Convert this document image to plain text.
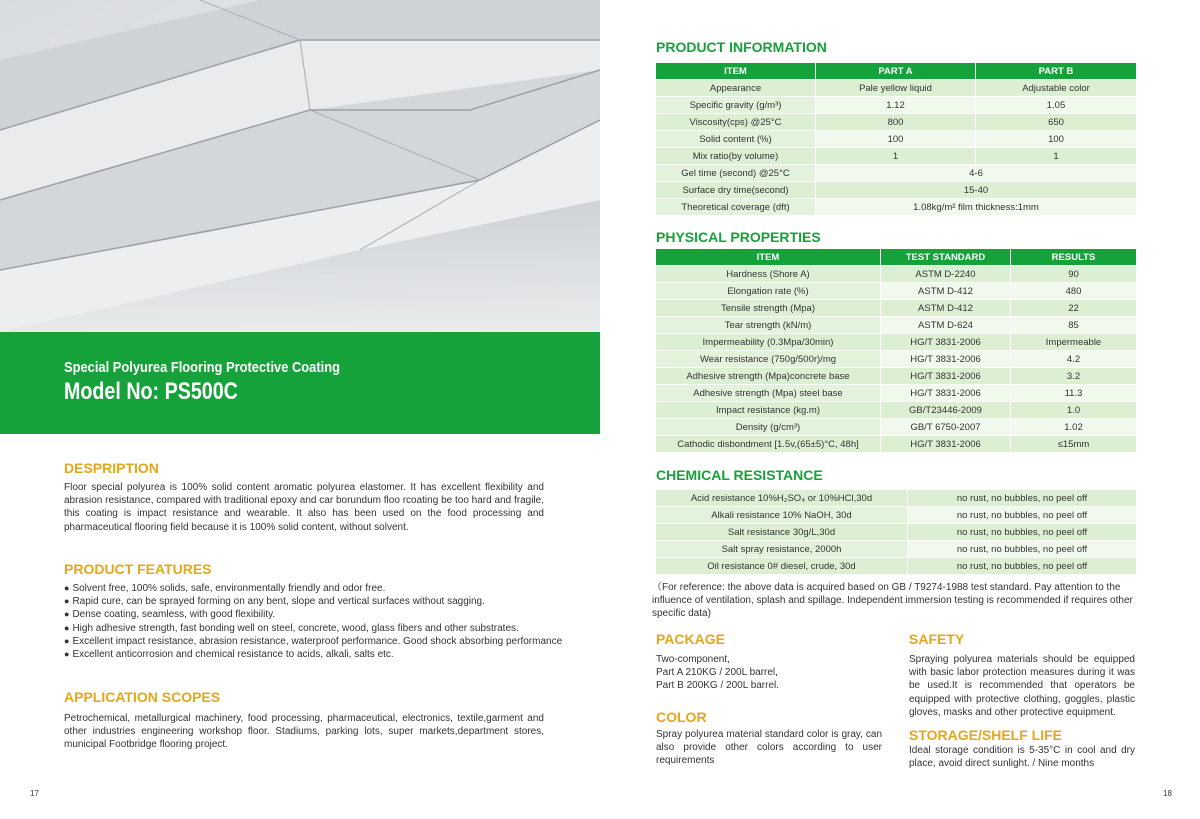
Special Polyurea Flooring Protective Coating
Model No: PS500C
DESPRIPTION
Floor special polyurea is 100% solid content aromatic polyurea elastomer. It has excellent flexibility and abrasion resistance, compared with traditional epoxy and car borundum floo rcoating be too hard and fragile, this coating is impact resistance and wearable. It also has been used on the food processing and pharmaceutical flooring field because it is 100% solid content, without solvent.
PRODUCT FEATURES
● Solvent free, 100% solids, safe, environmentally friendly and odor free.
● Rapid cure, can be sprayed forming on any bent, slope and vertical surfaces without sagging.
● Dense coating, seamless, with good flexibility.
● High adhesive strength, fast bonding well on steel, concrete, wood, glass fibers and other substrates.
● Excellent impact resistance, abrasion resistance, waterproof performance. Good shock absorbing performance
● Excellent anticorrosion and chemical resistance to acids, alkali, salts etc.
APPLICATION SCOPES
Petrochemical, metallurgical machinery, food processing, pharmaceutical, electronics, textile,garment and other industries engineering workshop floor. Stadiums, parking lots, super markets,department stores, municipal Footbridge flooring project.
17
PRODUCT INFORMATION
ITEM	PART A	PART B
Appearance	Pale yellow liquid	Adjustable color
Specific gravity (g/m³)	1.12	1.05
Viscosity(cps) @25°C	800	650
Solid content (%)	100	100
Mix ratio(by volume)	1	1
Gel time (second) @25°C	4-6	
Surface dry time(second)	15-40	
Theoretical coverage (dft)	1.08kg/m² film thickness:1mm	
PHYSICAL PROPERTIES
ITEM	TEST STANDARD	RESULTS
Hardness (Shore A)	ASTM D-2240	90
Elongation rate (%)	ASTM D-412	480
Tensile strength (Mpa)	ASTM D-412	22
Tear strength (kN/m)	ASTM D-624	85
Impermeability (0.3Mpa/30min)	HG/T 3831-2006	Impermeable
Wear resistance (750g/500r)/mg	HG/T 3831-2006	4.2
Adhesive strength (Mpa)concrete base	HG/T 3831-2006	3.2
Adhesive strength (Mpa) steel base	HG/T 3831-2006	11.3
Impact resistance (kg.m)	GB/T23446-2009	1.0
Density (g/cm³)	GB/T 6750-2007	1.02
Cathodic disbondment [1.5v,(65±5)°C, 48h]	HG/T 3831-2006	≤15mm
CHEMICAL RESISTANCE
Acid resistance 10%H₂SO₄ or 10%HCl,30d	no rust, no bubbles, no peel off
Alkali resistance 10% NaOH, 30d	no rust, no bubbles, no peel off
Salt resistance 30g/L,30d	no rust, no bubbles, no peel off
Salt spray resistance, 2000h	no rust, no bubbles, no peel off
Oil resistance 0# diesel, crude, 30d	no rust, no bubbles, no peel off
（For reference: the above data is acquired based on GB / T9274-1988 test standard. Pay attention to the influence of ventilation, splash and spillage. Independent immersion testing is recommended if requires other specific data)
PACKAGE
Two-component,
Part A 210KG / 200L barrel,
Part B 200KG / 200L barrel.
COLOR
Spray polyurea material standard color is gray, can also provide other colors according to user requirements
SAFETY
Spraying polyurea materials should be equipped with basic labor protection measures during it was be used.It is recommended that operators be equipped with protective clothing, goggles, plastic gloves, masks and other protective equipment.
STORAGE/SHELF LIFE
Ideal storage condition is 5-35°C in cool and dry place, avoid direct sunlight. / Nine months
18
